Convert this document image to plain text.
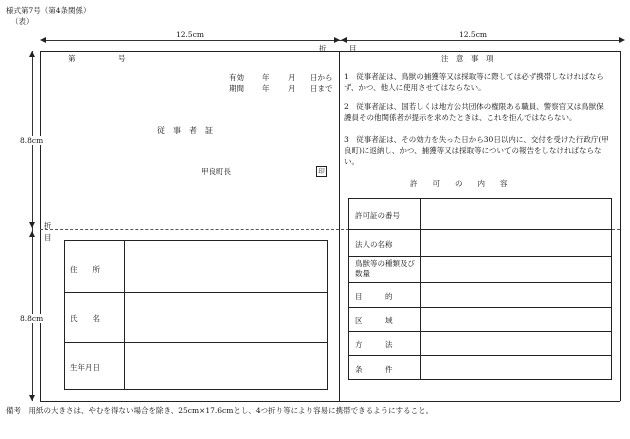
様式第7号（第4条関係）
（表）
12.5cm	12.5cm
折	目
8.8cm
8.8cm
折
目
第	号
有効 年 月 日から
期間 年 月 日まで
従　事　者　証
甲良町長	印
注　意　事　項
1　従事者証は、鳥獣の捕獲等又は採取等に際しては必ず携帯しなければならず、かつ、他人に使用させてはならない。
2　従事者証は、国若しくは地方公共団体の権限ある職員、警察官又は鳥獣保護員その他関係者が提示を求めたときは、これを拒んではならない。
3　従事者証は、その効力を失った日から30日以内に、交付を受けた行政庁(甲良町)に返納し、かつ、捕獲等又は採取等についての報告をしなければならない。
許　　可　　の　　内　　容
許可証の番号
法人の名称
鳥獣等の種類及び数量
目　　　的
区　　　域
方　　　法
条　　　件
住　　所
氏　　名
生年月日
備考　用紙の大きさは、やむを得ない場合を除き、25cm×17.6cmとし、4つ折り等により容易に携帯できるようにすること。
